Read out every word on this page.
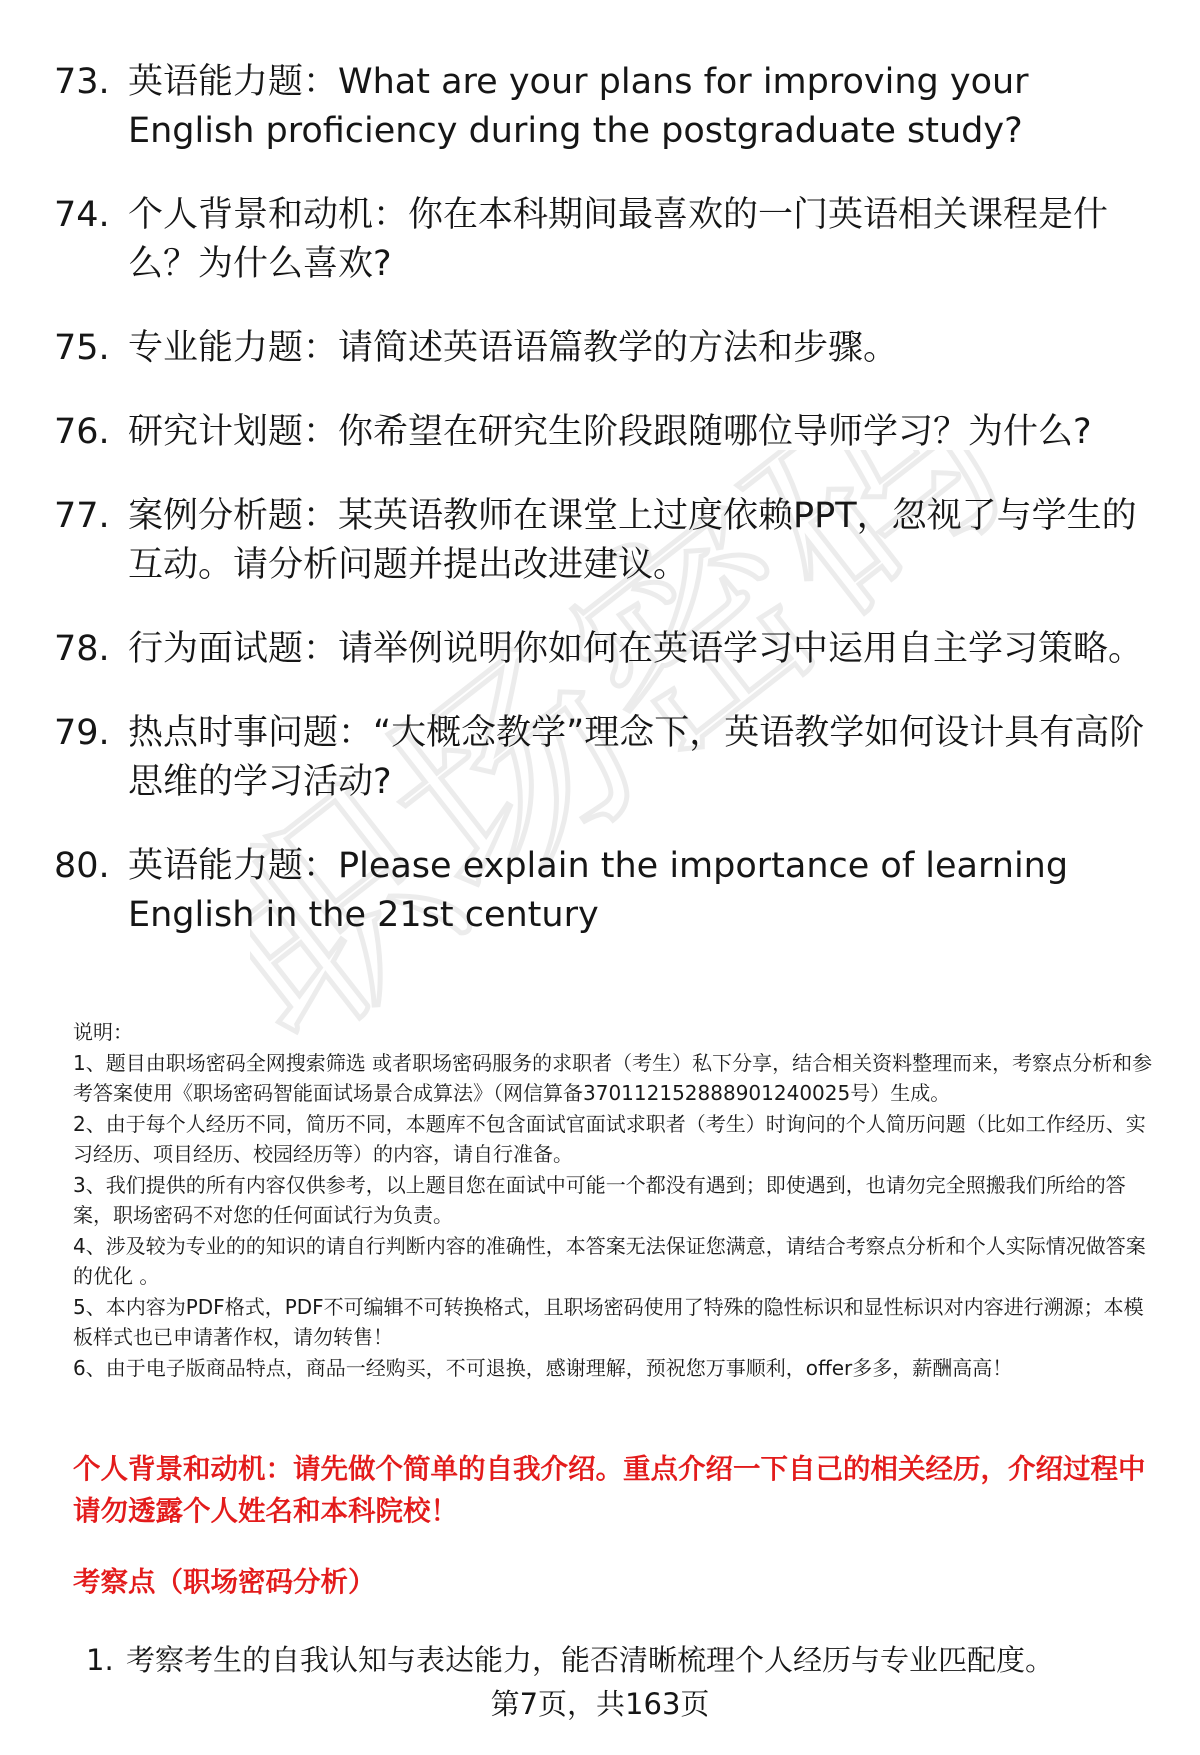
职场密码
73. 英语能力题：What are your plans for improving your English proficiency during the postgraduate study?
74. 个人背景和动机：你在本科期间最喜欢的一门英语相关课程是什么？为什么喜欢?
75. 专业能力题：请简述英语语篇教学的方法和步骤。
76. 研究计划题：你希望在研究生阶段跟随哪位导师学习？为什么?
77. 案例分析题：某英语教师在课堂上过度依赖PPT，忽视了与学生的互动。请分析问题并提出改进建议。
78. 行为面试题：请举例说明你如何在英语学习中运用自主学习策略。
79. 热点时事问题：“大概念教学”理念下，英语教学如何设计具有高阶思维的学习活动?
80. 英语能力题：Please explain the importance of learning English in the 21st century

说明：

1、题目由职场密码全网搜索筛选 或者职场密码服务的求职者（考生）私下分享，结合相关资料整理而来，考察点分析和参考答案使用《职场密码智能面试场景合成算法》（网信算备370112152888901240025号）生成。

2、由于每个人经历不同，简历不同，本题库不包含面试官面试求职者（考生）时询问的个人简历问题（比如工作经历、实习经历、项目经历、校园经历等）的内容，请自行准备。

3、我们提供的所有内容仅供参考，以上题目您在面试中可能一个都没有遇到；即使遇到，也请勿完全照搬我们所给的答案，职场密码不对您的任何面试行为负责。

4、涉及较为专业的的知识的请自行判断内容的准确性，本答案无法保证您满意，请结合考察点分析和个人实际情况做答案的优化 。

5、本内容为PDF格式，PDF不可编辑不可转换格式，且职场密码使用了特殊的隐性标识和显性标识对内容进行溯源；本模板样式也已申请著作权，请勿转售！

6、由于电子版商品特点，商品一经购买，不可退换，感谢理解，预祝您万事顺利，offer多多，薪酬高高！

个人背景和动机：请先做个简单的自我介绍。重点介绍一下自己的相关经历，介绍过程中请勿透露个人姓名和本科院校！
考察点（职场密码分析）
1. 考察考生的自我认知与表达能力，能否清晰梳理个人经历与专业匹配度。
第7页，共163页
